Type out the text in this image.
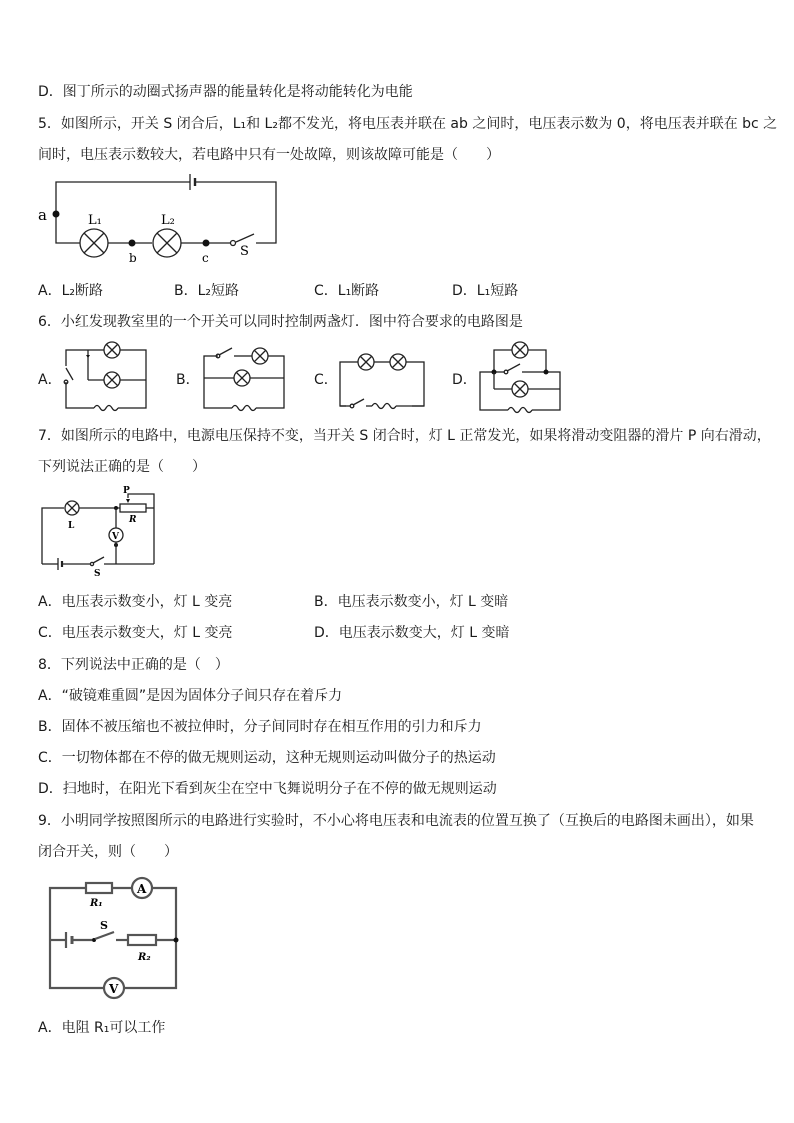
D．图丁所示的动圈式扬声器的能量转化是将动能转化为电能
5．如图所示，开关 S 闭合后，L₁和 L₂都不发光，将电压表并联在 ab 之间时，电压表示数为 0，将电压表并联在 bc 之
间时，电压表示数较大，若电路中只有一处故障，则该故障可能是（　　）
a	L₁
b
L₂
c S
A．L₂断路	B．L₂短路	C．L₁断路	D．L₁短路
6．小红发现教室里的一个开关可以同时控制两盏灯．图中符合要求的电路图是
A．	B．	C．	D．
7．如图所示的电路中，电源电压保持不变，当开关 S 闭合时，灯 L 正常发光，如果将滑动变阻器的滑片 P 向右滑动，
下列说法正确的是（　　）
L
P
R
V
S
A．电压表示数变小，灯 L 变亮	B．电压表示数变小，灯 L 变暗
C．电压表示数变大，灯 L 变亮	D．电压表示数变大，灯 L 变暗
8．下列说法中正确的是（　）
A．“破镜难重圆”是因为固体分子间只存在着斥力
B．固体不被压缩也不被拉伸时，分子间同时存在相互作用的引力和斥力
C．一切物体都在不停的做无规则运动，这种无规则运动叫做分子的热运动
D．扫地时，在阳光下看到灰尘在空中飞舞说明分子在不停的做无规则运动
9．小明同学按照图所示的电路进行实验时，不小心将电压表和电流表的位置互换了（互换后的电路图未画出），如果
闭合开关，则（　　）
R₁
A
V
S
R₂
A．电阻 R₁可以工作
